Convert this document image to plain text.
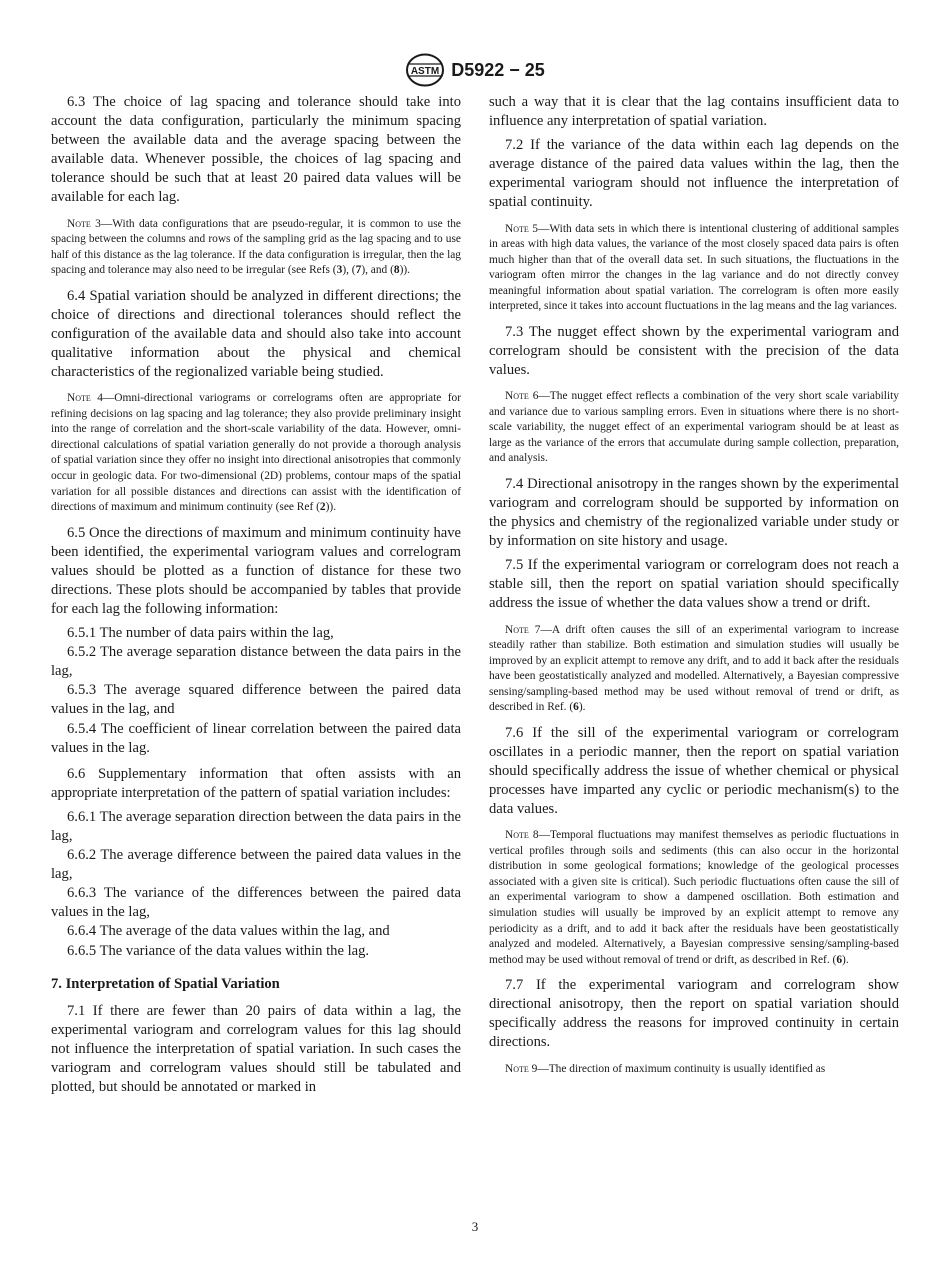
ASTM D5922 − 25

6.3 The choice of lag spacing and tolerance should take into account the data configuration, particularly the minimum spacing between the available data and the average spacing between the available data. Whenever possible, the choices of lag spacing and tolerance should be such that at least 20 paired data values will be available for each lag.

Note 3—With data configurations that are pseudo-regular, it is common to use the spacing between the columns and rows of the sampling grid as the lag spacing and to use half of this distance as the lag tolerance. If the data configuration is irregular, then the lag spacing and tolerance may also need to be irregular (see Refs (3), (7), and (8)).

6.4 Spatial variation should be analyzed in different directions; the choice of directions and directional tolerances should reflect the configuration of the available data and should also take into account qualitative information about the physical and chemical characteristics of the regionalized variable being studied.

Note 4—Omni-directional variograms or correlograms often are appropriate for refining decisions on lag spacing and lag tolerance; they also provide preliminary insight into the range of correlation and the short-scale variability of the data. However, omni-directional calculations of spatial variation generally do not provide a thorough analysis of spatial variation since they offer no insight into directional anisotropies that commonly occur in geologic data. For two-dimensional (2D) problems, contour maps of the spatial variation for all possible distances and directions can assist with the identification of directions of maximum and minimum continuity (see Ref (2)).

6.5 Once the directions of maximum and minimum continuity have been identified, the experimental variogram values and correlogram values should be plotted as a function of distance for these two directions. These plots should be accompanied by tables that provide for each lag the following information:

6.5.1 The number of data pairs within the lag,

6.5.2 The average separation distance between the data pairs in the lag,

6.5.3 The average squared difference between the paired data values in the lag, and

6.5.4 The coefficient of linear correlation between the paired data values in the lag.

6.6 Supplementary information that often assists with an appropriate interpretation of the pattern of spatial variation includes:

6.6.1 The average separation direction between the data pairs in the lag,

6.6.2 The average difference between the paired data values in the lag,

6.6.3 The variance of the differences between the paired data values in the lag,

6.6.4 The average of the data values within the lag, and

6.6.5 The variance of the data values within the lag.

7. Interpretation of Spatial Variation

7.1 If there are fewer than 20 pairs of data within a lag, the experimental variogram and correlogram values for this lag should not influence the interpretation of spatial variation. In such cases the variogram and correlogram values should still be tabulated and plotted, but should be annotated or marked in

such a way that it is clear that the lag contains insufficient data to influence any interpretation of spatial variation.

7.2 If the variance of the data within each lag depends on the average distance of the paired data values within the lag, then the experimental variogram should not influence the interpretation of spatial continuity.

Note 5—With data sets in which there is intentional clustering of additional samples in areas with high data values, the variance of the most closely spaced data pairs is often much higher than that of the overall data set. In such situations, the fluctuations in the variogram often mirror the changes in the lag variance and do not directly convey meaningful information about spatial variation. The correlogram is often more easily interpreted, since it takes into account fluctuations in the lag means and the lag variances.

7.3 The nugget effect shown by the experimental variogram and correlogram should be consistent with the precision of the data values.

Note 6—The nugget effect reflects a combination of the very short scale variability and variance due to various sampling errors. Even in situations where there is no short-scale variability, the nugget effect of an experimental variogram should be at least as large as the variance of the errors that accumulate during sample collection, preparation, and analysis.

7.4 Directional anisotropy in the ranges shown by the experimental variogram and correlogram should be supported by information on the physics and chemistry of the regionalized variable under study or by information on site history and usage.

7.5 If the experimental variogram or correlogram does not reach a stable sill, then the report on spatial variation should specifically address the issue of whether the data values show a trend or drift.

Note 7—A drift often causes the sill of an experimental variogram to increase steadily rather than stabilize. Both estimation and simulation studies will usually be improved by an explicit attempt to remove any drift, and to add it back after the residuals have been geostatistically analyzed and modelled. Alternatively, a Bayesian compressive sensing/sampling-based method may be used without removal of trend or drift, as described in Ref. (6).

7.6 If the sill of the experimental variogram or correlogram oscillates in a periodic manner, then the report on spatial variation should specifically address the issue of whether chemical or physical processes have imparted any cyclic or periodic mechanism(s) to the data values.

Note 8—Temporal fluctuations may manifest themselves as periodic fluctuations in vertical profiles through soils and sediments (this can also occur in the horizontal distribution in some geological formations; knowledge of the geological processes associated with a given site is critical). Such periodic fluctuations often cause the sill of an experimental variogram to show a dampened oscillation. Both estimation and simulation studies will usually be improved by an explicit attempt to remove any periodicity as a drift, and to add it back after the residuals have been geostatistically analyzed and modeled. Alternatively, a Bayesian compressive sensing/sampling-based method may be used without removal of trend or drift, as described in Ref. (6).

7.7 If the experimental variogram and correlogram show directional anisotropy, then the report on spatial variation should specifically address the reasons for improved continuity in certain directions.

Note 9—The direction of maximum continuity is usually identified as

3
